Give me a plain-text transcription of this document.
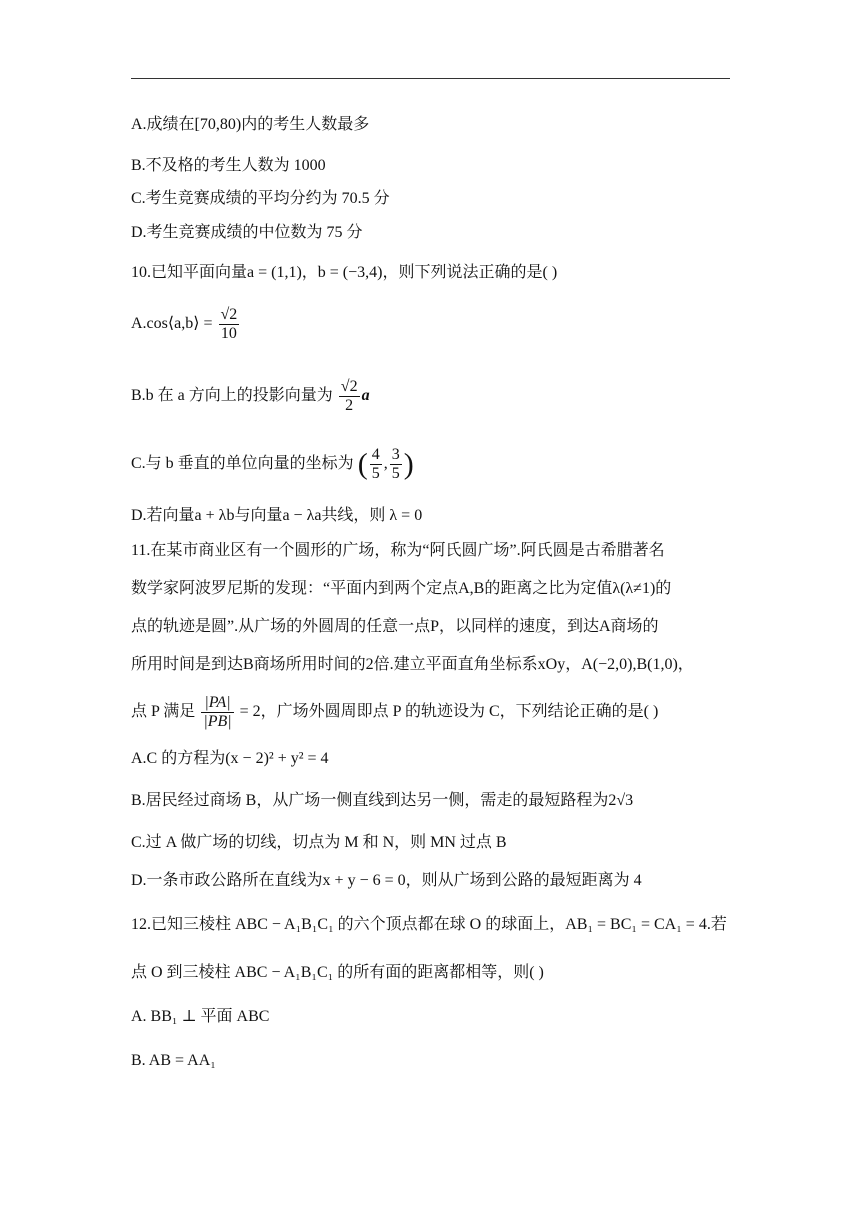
A.成绩在[70,80)内的考生人数最多
B.不及格的考生人数为 1000
C.考生竞赛成绩的平均分约为 70.5 分
D.考生竞赛成绩的中位数为 75 分
10.已知平面向量a = (1,1)，b = (−3,4)，则下列说法正确的是( )
A.cos⟨a,b⟩ = $\frac{√2}{10}$
B.b 在 a 方向上的投影向量为 $\frac{√2}{2}$ a
C.与 b 垂直的单位向量的坐标为 ( $\frac{4}{5}$ , $\frac{3}{5}$ )
D.若向量a + λb与向量a − λa共线，则 λ = 0
11.在某市商业区有一个圆形的广场，称为“阿氏圆广场”.阿氏圆是古希腊著名
数学家阿波罗尼斯的发现：“平面内到两个定点A,B的距离之比为定值λ(λ≠1)的
点的轨迹是圆”.从广场的外圆周的任意一点P，以同样的速度，到达A商场的
所用时间是到达B商场所用时间的2倍.建立平面直角坐标系xOy，A(−2,0),B(1,0)，
点 P 满足 $\frac{|PA|}{|PB|} = 2$，广场外圆周即点 P 的轨迹设为 C，下列结论正确的是( )
A.C 的方程为(x − 2)² + y² = 4
B.居民经过商场 B，从广场一侧直线到达另一侧，需走的最短路程为2√3
C.过 A 做广场的切线，切点为 M 和 N，则 MN 过点 B
D.一条市政公路所在直线为x + y − 6 = 0，则从广场到公路的最短距离为 4
12.已知三棱柱 ABC − A₁B₁C₁ 的六个顶点都在球 O 的球面上，AB₁ = BC₁ = CA₁ = 4.若
点 O 到三棱柱 ABC − A₁B₁C₁ 的所有面的距离都相等，则( )
A. BB₁ ⊥ 平面 ABC
B. AB = AA₁
